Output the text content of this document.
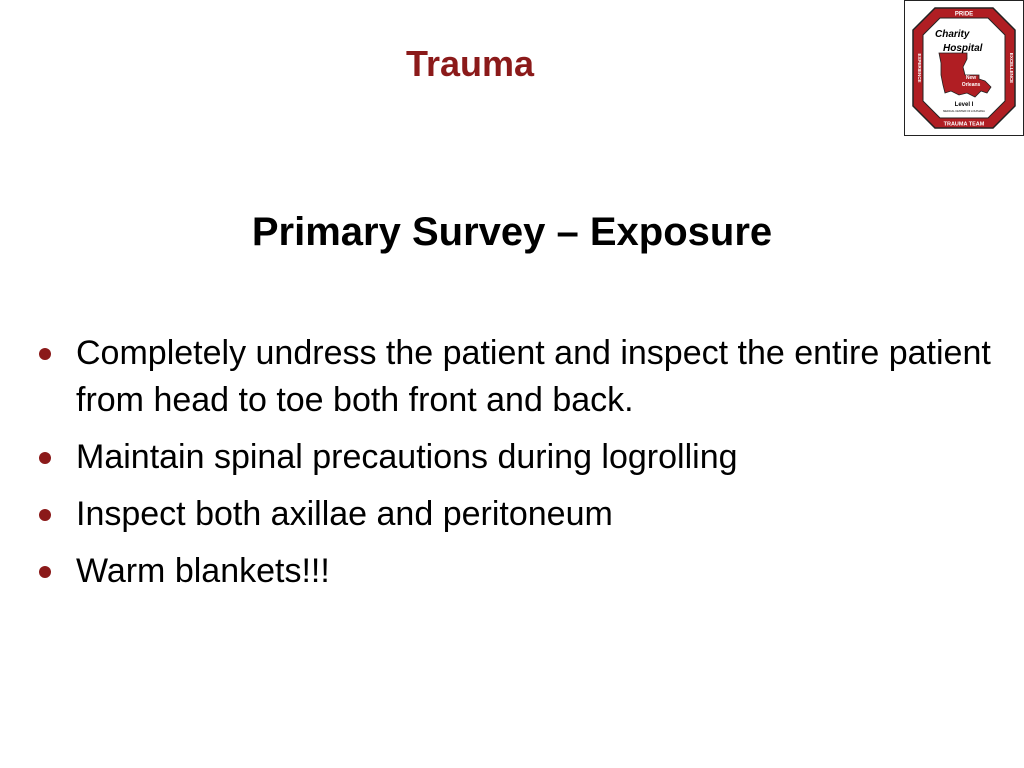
Trauma
PRIDE
TRAUMA TEAM
EXPERIENCE	EXCELLENCE
Charity
Hospital
New
Orleans
Level I
MEDICAL CENTER OF LOUISIANA
Primary Survey – Exposure
Completely undress the patient and inspect the entire patient from head to toe both front and back.
Maintain spinal precautions during logrolling
Inspect both axillae and peritoneum
Warm blankets!!!
